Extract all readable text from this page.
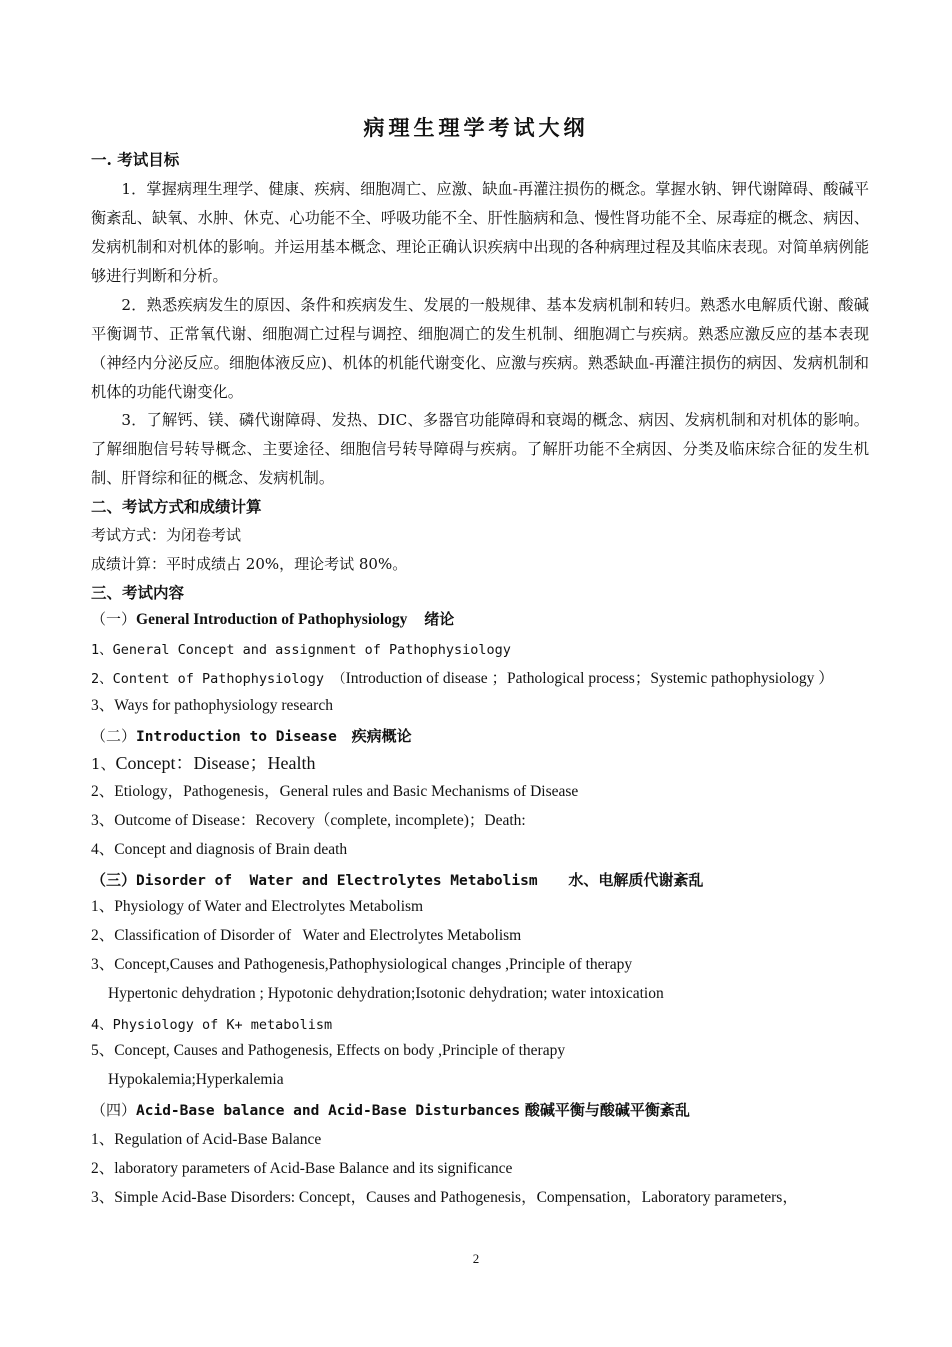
病理生理学考试大纲
一. 考试目标

1．掌握病理生理学、健康、疾病、细胞凋亡、应激、缺血-再灌注损伤的概念。掌握水钠、钾代谢障碍、酸碱平衡紊乱、缺氧、水肿、休克、心功能不全、呼吸功能不全、肝性脑病和急、慢性肾功能不全、尿毒症的概念、病因、发病机制和对机体的影响。并运用基本概念、理论正确认识疾病中出现的各种病理过程及其临床表现。对简单病例能够进行判断和分析。

2．熟悉疾病发生的原因、条件和疾病发生、发展的一般规律、基本发病机制和转归。熟悉水电解质代谢、酸碱平衡调节、正常氧代谢、细胞凋亡过程与调控、细胞凋亡的发生机制、细胞凋亡与疾病。熟悉应激反应的基本表现（神经内分泌反应。细胞体液反应)、机体的机能代谢变化、应激与疾病。熟悉缺血-再灌注损伤的病因、发病机制和机体的功能代谢变化。

3．了解钙、镁、磷代谢障碍、发热、DIC、多器官功能障碍和衰竭的概念、病因、发病机制和对机体的影响。了解细胞信号转导概念、主要途径、细胞信号转导障碍与疾病。了解肝功能不全病因、分类及临床综合征的发生机制、肝肾综和征的概念、发病机制。

二、考试方式和成绩计算
考试方式：为闭卷考试
成绩计算：平时成绩占 20%，理论考试 80%。
三、考试内容
（一）General Introduction of Pathophysiology 绪论
1、General Concept and assignment of Pathophysiology
2、Content of Pathophysiology （Introduction of disease ；Pathological process；Systemic pathophysiology ）
3、Ways for pathophysiology research
（二）Introduction to Disease 疾病概论
1、Concept：Disease；Health
2、Etiology，Pathogenesis，General rules and Basic Mechanisms of Disease
3、Outcome of Disease：Recovery（complete, incomplete)；Death:
4、Concept and diagnosis of Brain death
（三）Disorder of  Water and Electrolytes Metabolism 水、电解质代谢紊乱
1、Physiology of Water and Electrolytes Metabolism
2、Classification of Disorder of   Water and Electrolytes Metabolism
3、Concept,Causes and Pathogenesis,Pathophysiological changes ,Principle of therapy
Hypertonic dehydration ; Hypotonic dehydration;Isotonic dehydration; water intoxication
4、Physiology of K+ metabolism
5、Concept, Causes and Pathogenesis, Effects on body ,Principle of therapy
Hypokalemia;Hyperkalemia
（四）Acid-Base balance and Acid-Base Disturbances 酸碱平衡与酸碱平衡紊乱
1、Regulation of Acid-Base Balance
2、laboratory parameters of Acid-Base Balance and its significance
3、Simple Acid-Base Disorders: Concept，Causes and Pathogenesis，Compensation，Laboratory parameters，
2
